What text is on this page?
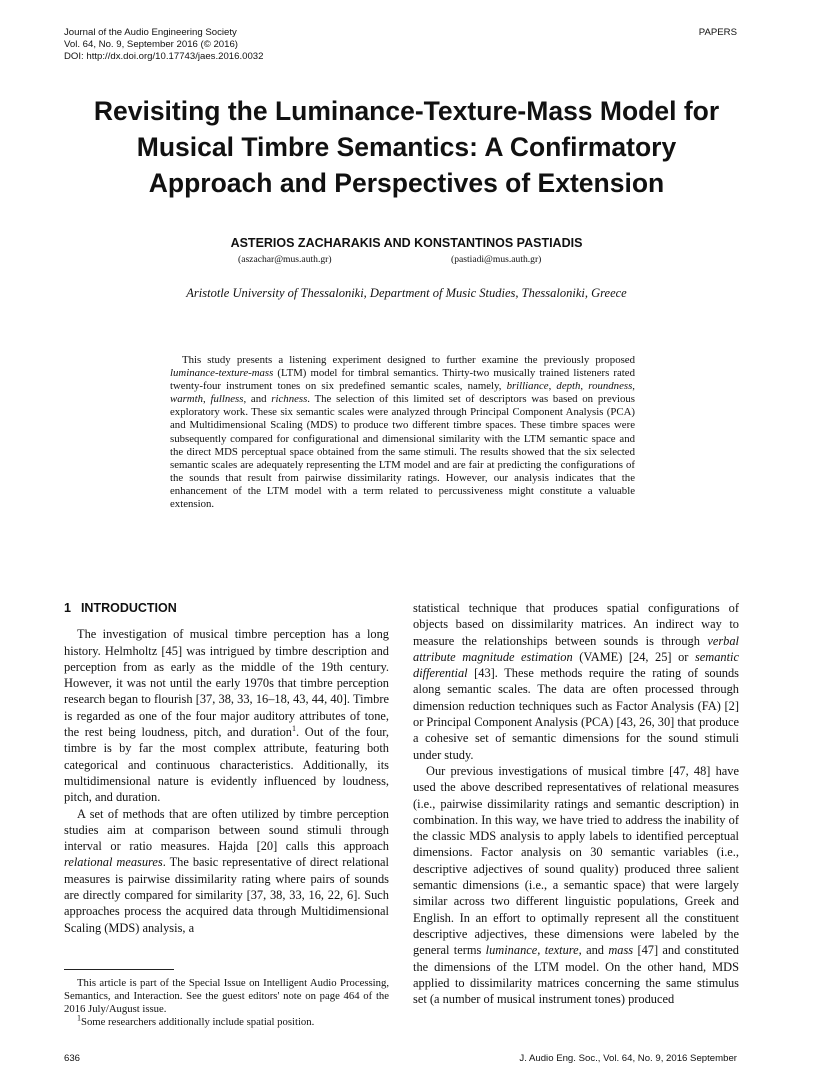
Journal of the Audio Engineering Society
Vol. 64, No. 9, September 2016 (© 2016)
DOI: http://dx.doi.org/10.17743/jaes.2016.0032
PAPERS
Revisiting the Luminance-Texture-Mass Model for
Musical Timbre Semantics: A Confirmatory
Approach and Perspectives of Extension
ASTERIOS ZACHARAKIS AND KONSTANTINOS PASTIADIS
(aszachar@mus.auth.gr)	(pastiadi@mus.auth.gr)
Aristotle University of Thessaloniki, Department of Music Studies, Thessaloniki, Greece

This study presents a listening experiment designed to further examine the previously proposed luminance-texture-mass (LTM) model for timbral semantics. Thirty-two musically trained listeners rated twenty-four instrument tones on six predefined semantic scales, namely, brilliance, depth, roundness, warmth, fullness, and richness. The selection of this limited set of descriptors was based on previous exploratory work. These six semantic scales were analyzed through Principal Component Analysis (PCA) and Multidimensional Scaling (MDS) to produce two different timbre spaces. These timbre spaces were subsequently compared for configurational and dimensional similarity with the LTM semantic space and the direct MDS perceptual space obtained from the same stimuli. The results showed that the six selected semantic scales are adequately representing the LTM model and are fair at predicting the configurations of the sounds that result from pairwise dissimilarity ratings. However, our analysis indicates that the enhancement of the LTM model with a term related to percussiveness might constitute a valuable extension.

1 INTRODUCTION

The investigation of musical timbre perception has a long history. Helmholtz [45] was intrigued by timbre description and perception from as early as the middle of the 19th century. However, it was not until the early 1970s that timbre perception research began to flourish [37, 38, 33, 16–18, 43, 44, 40]. Timbre is regarded as one of the four major auditory attributes of tone, the rest being loudness, pitch, and duration$^1$. Out of the four, timbre is by far the most complex attribute, featuring both categorical and continuous characteristics. Additionally, its multidimensional nature is evidently influenced by loudness, pitch, and duration.

A set of methods that are often utilized by timbre perception studies aim at comparison between sound stimuli through interval or ratio measures. Hajda [20] calls this approach relational measures. The basic representative of direct relational measures is pairwise dissimilarity rating where pairs of sounds are directly compared for similarity [37, 38, 33, 16, 22, 6]. Such approaches process the acquired data through Multidimensional Scaling (MDS) analysis, a

statistical technique that produces spatial configurations of objects based on dissimilarity matrices. An indirect way to measure the relationships between sounds is through verbal attribute magnitude estimation (VAME) [24, 25] or semantic differential [43]. These methods require the rating of sounds along semantic scales. The data are often processed through dimension reduction techniques such as Factor Analysis (FA) [2] or Principal Component Analysis (PCA) [43, 26, 30] that produce a cohesive set of semantic dimensions for the sound stimuli under study.

Our previous investigations of musical timbre [47, 48] have used the above described representatives of relational measures (i.e., pairwise dissimilarity ratings and semantic description) in combination. In this way, we have tried to address the inability of the classic MDS analysis to apply labels to identified perceptual dimensions. Factor analysis on 30 semantic variables (i.e., descriptive adjectives of sound quality) produced three salient semantic dimensions (i.e., a semantic space) that were largely similar across two different linguistic populations, Greek and English. In an effort to optimally represent all the constituent descriptive adjectives, these dimensions were labeled by the general terms luminance, texture, and mass [47] and constituted the dimensions of the LTM model. On the other hand, MDS applied to dissimilarity matrices concerning the same stimulus set (a number of musical instrument tones) produced

This article is part of the Special Issue on Intelligent Audio Processing, Semantics, and Interaction. See the guest editors' note on page 464 of the 2016 July/August issue.

$^1$Some researchers additionally include spatial position.

636	J. Audio Eng. Soc., Vol. 64, No. 9, 2016 September
